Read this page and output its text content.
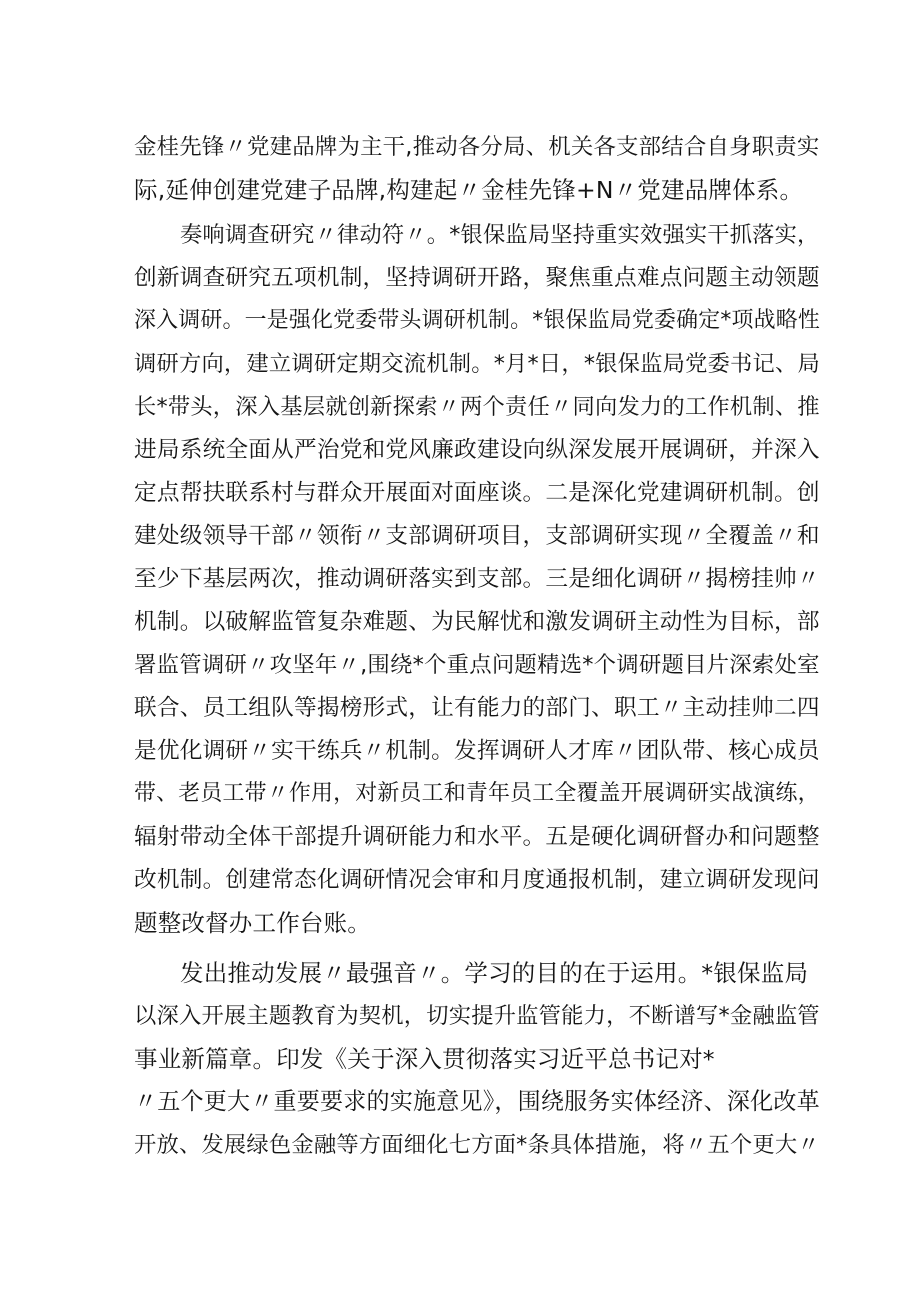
金桂先锋〃党建品牌为主干,推动各分局、机关各支部结合自身职责实
际,延伸创建党建子品牌,构建起〃金桂先锋+N〃党建品牌体系。
奏响调查研究〃律动符〃。*银保监局坚持重实效强实干抓落实，
创新调查研究五项机制，坚持调研开路，聚焦重点难点问题主动领题
深入调研。一是强化党委带头调研机制。*银保监局党委确定*项战略性
调研方向，建立调研定期交流机制。*月*日，*银保监局党委书记、局
长*带头，深入基层就创新探索〃两个责任〃同向发力的工作机制、推
进局系统全面从严治党和党风廉政建设向纵深发展开展调研，并深入
定点帮扶联系村与群众开展面对面座谈。二是深化党建调研机制。创
建处级领导干部〃领衔〃支部调研项目，支部调研实现〃全覆盖〃和
至少下基层两次，推动调研落实到支部。三是细化调研〃揭榜挂帅〃
机制。以破解监管复杂难题、为民解忧和激发调研主动性为目标，部
署监管调研〃攻坚年〃,围绕*个重点问题精选*个调研题目片深索处室
联合、员工组队等揭榜形式，让有能力的部门、职工〃主动挂帅二四
是优化调研〃实干练兵〃机制。发挥调研人才库〃团队带、核心成员
带、老员工带〃作用，对新员工和青年员工全覆盖开展调研实战演练，
辐射带动全体干部提升调研能力和水平。五是硬化调研督办和问题整
改机制。创建常态化调研情况会审和月度通报机制，建立调研发现问
题整改督办工作台账。
发出推动发展〃最强音〃。学习的目的在于运用。*银保监局
以深入开展主题教育为契机，切实提升监管能力，不断谱写*金融监管
事业新篇章。印发《关于深入贯彻落实习近平总书记对*
〃五个更大〃重要要求的实施意见》，围绕服务实体经济、深化改革
开放、发展绿色金融等方面细化七方面*条具体措施，将〃五个更大〃
